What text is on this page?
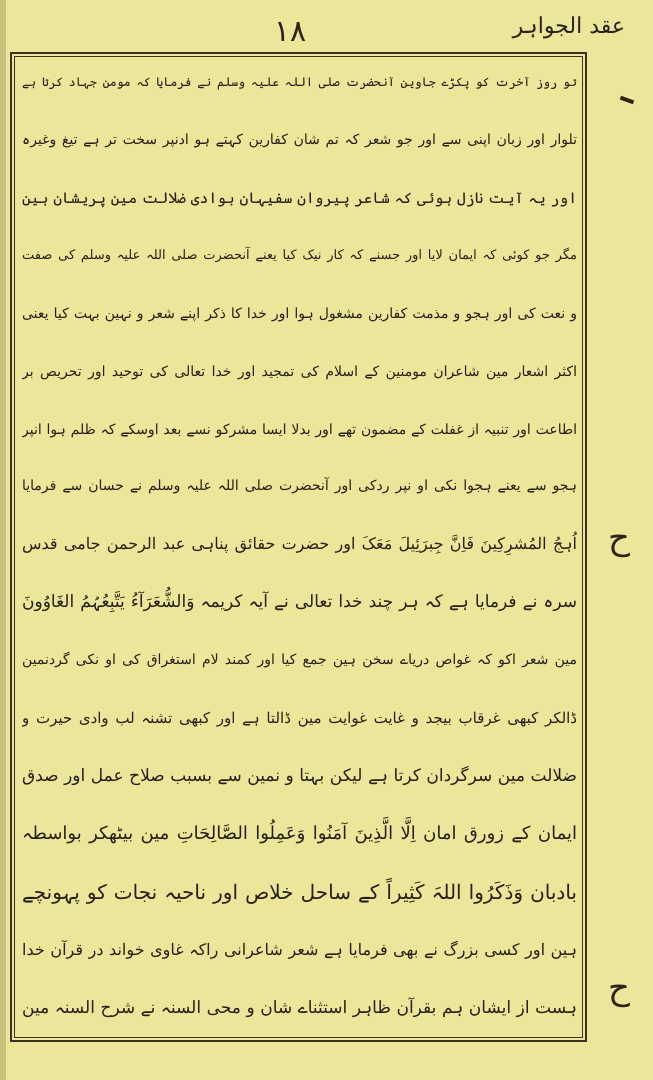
عقد الجواہر
۱۸
تو روز آخرت کو پکڑے جاوین آنحضرت صلی اللہ علیہ وسلم نے فرمایا کہ مومن جہاد کرتا ہے
تلوار اور زبان اپنی سے اور جو شعر کہ تم شان کفارین کہتے ہو ادنپر سخت تر ہے تیغ وغیرہ
اور یہ آیت نازل ہوئی کہ شاعر پیروان سفیہان بوادی ضلالت مین پریشان ہین
مگر جو کوئی کہ ایمان لایا اور جسنے کہ کار نیک کیا یعنے آنحضرت صلی اللہ علیہ وسلم کی صفت
و نعت کی اور ہجو و مذمت کفارین مشغول ہوا اور خدا کا ذکر اپنے شعر و نہین بہت کیا یعنی
اکثر اشعار مین شاعران مومنین کے اسلام کی تمجید اور خدا تعالی کی توحید اور تحریص بر
اطاعت اور تنبیہ از غفلت کے مضمون تھے اور بدلا ایسا مشرکو نسے بعد اوسکے کہ ظلم ہوا انپر
ہجو سے یعنے ہجوا نکی او نپر ردکی اور آنحضرت صلی اللہ علیہ وسلم نے حسان سے فرمایا
اُہجُ المُشرِکِینَ فَاِنَّ جِبرَئِیلَ مَعَکَ اور حضرت حقائق پناہی عبد الرحمن جامی قدس
سرہ نے فرمایا ہے کہ ہر چند خدا تعالی نے آیہ کریمہ وَالشُّعَرَآءُ یَتَّبِعُہُمُ الغَاوُونَ
مین شعر اکو کہ غواص دریاے سخن ہین جمع کیا اور کمند لام استغراق کی او نکی گردنمین
ڈالکر کبھی غرقاب بیجد و غایت غوایت مین ڈالتا ہے اور کبھی تشنہ لب وادی حیرت و
ضلالت مین سرگردان کرتا ہے لیکن بہتا و نمین سے بسبب صلاح عمل اور صدق
ایمان کے زورق امان اِلَّا الَّذِینَ آمَنُوا وَعَمِلُوا الصَّالِحَاتِ مین بیٹھکر بواسطہ
بادبان وَذَکَرُوا اللہَ کَثِیراً کے ساحل خلاص اور ناحیہ نجات کو پہونچے
ہین اور کسی بزرگ نے بھی فرمایا ہے شعر شاعرانی راکہ غاوی خواند در قرآن خدا
ہست از ایشان ہم بقرآن ظاہر استثناے شان و محی السنہ نے شرح السنہ مین
ح
ح
